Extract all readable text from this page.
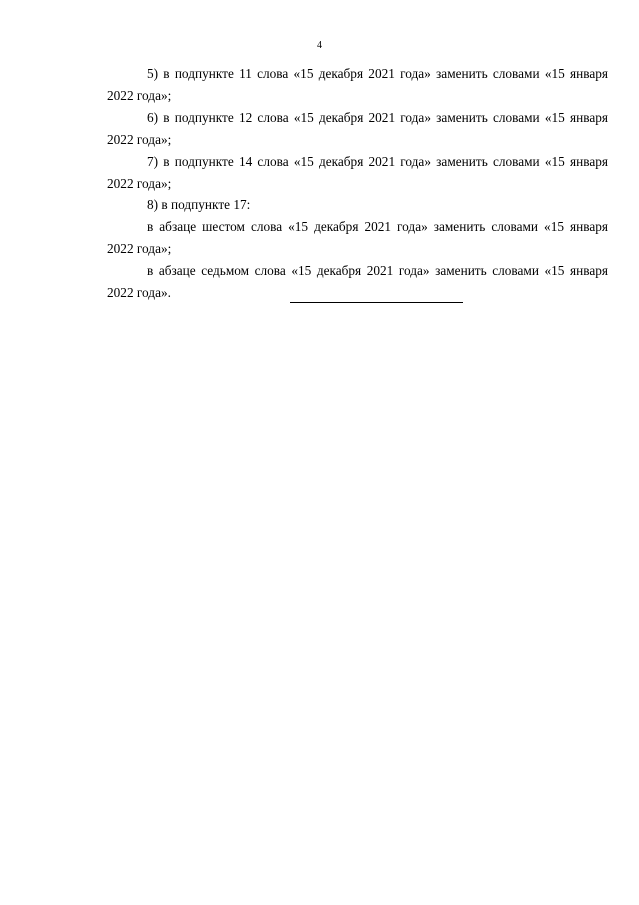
4

5) в подпункте 11 слова «15 декабря 2021 года» заменить словами «15 января 2022 года»;

6) в подпункте 12 слова «15 декабря 2021 года» заменить словами «15 января 2022 года»;

7) в подпункте 14 слова «15 декабря 2021 года» заменить словами «15 января 2022 года»;

8) в подпункте 17:

в абзаце шестом слова «15 декабря 2021 года» заменить словами «15 января 2022 года»;

в абзаце седьмом слова «15 декабря 2021 года» заменить словами «15 января 2022 года».
